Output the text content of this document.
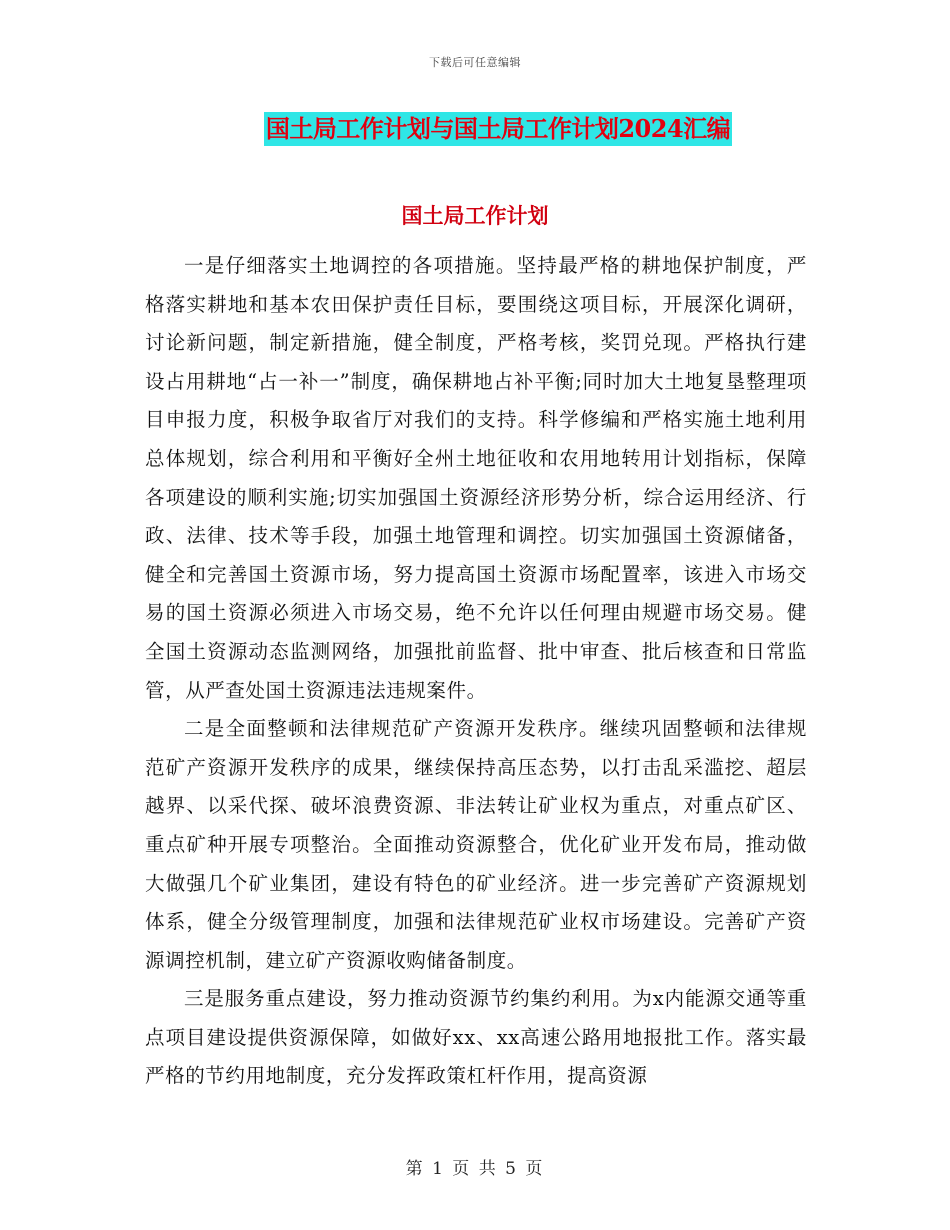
下载后可任意编辑
国土局工作计划与国土局工作计划2024汇编
国土局工作计划

一是仔细落实土地调控的各项措施。坚持最严格的耕地保护制度，严格落实耕地和基本农田保护责任目标，要围绕这项目标，开展深化调研，讨论新问题，制定新措施，健全制度，严格考核，奖罚兑现。严格执行建设占用耕地“占一补一”制度，确保耕地占补平衡;同时加大土地复垦整理项目申报力度，积极争取省厅对我们的支持。科学修编和严格实施土地利用总体规划，综合利用和平衡好全州土地征收和农用地转用计划指标，保障各项建设的顺利实施;切实加强国土资源经济形势分析，综合运用经济、行政、法律、技术等手段，加强土地管理和调控。切实加强国土资源储备，健全和完善国土资源市场，努力提高国土资源市场配置率，该进入市场交易的国土资源必须进入市场交易，绝不允许以任何理由规避市场交易。健全国土资源动态监测网络，加强批前监督、批中审查、批后核查和日常监管，从严查处国土资源违法违规案件。

二是全面整顿和法律规范矿产资源开发秩序。继续巩固整顿和法律规范矿产资源开发秩序的成果，继续保持高压态势，以打击乱采滥挖、超层越界、以采代探、破坏浪费资源、非法转让矿业权为重点，对重点矿区、重点矿种开展专项整治。全面推动资源整合，优化矿业开发布局，推动做大做强几个矿业集团，建设有特色的矿业经济。进一步完善矿产资源规划体系，健全分级管理制度，加强和法律规范矿业权市场建设。完善矿产资源调控机制，建立矿产资源收购储备制度。

三是服务重点建设，努力推动资源节约集约利用。为x内能源交通等重点项目建设提供资源保障，如做好xx、xx高速公路用地报批工作。落实最严格的节约用地制度，充分发挥政策杠杆作用，提高资源

第 1 页 共 5 页
